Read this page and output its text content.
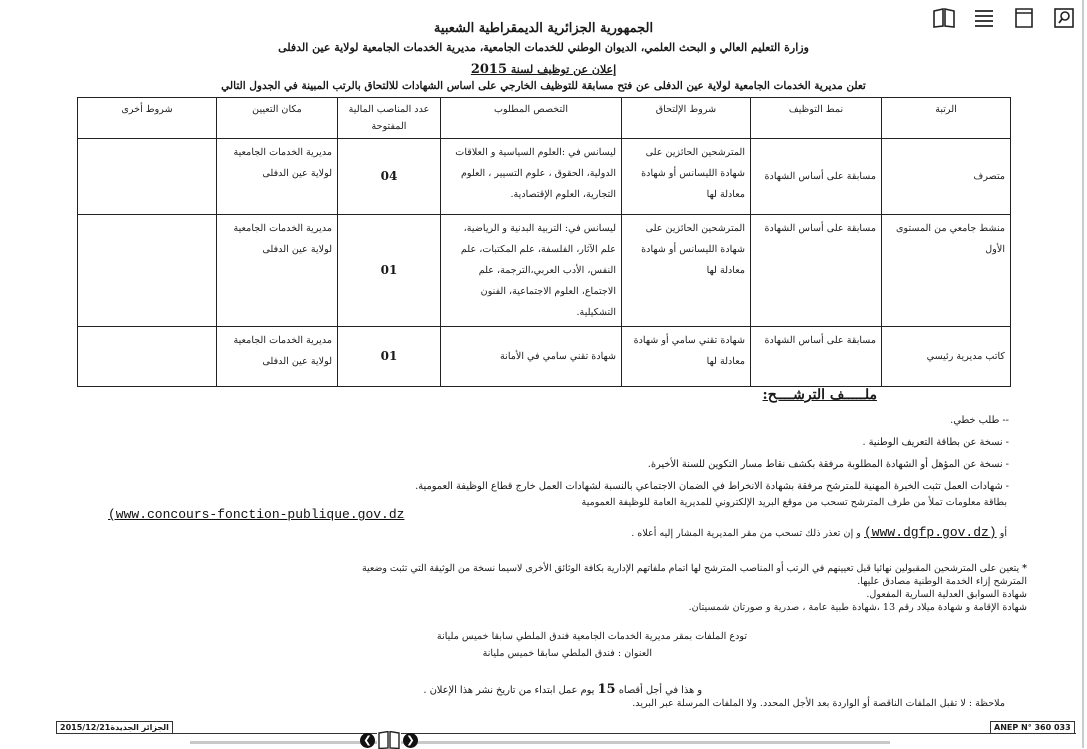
الجمهورية الجزائرية الديمقراطية الشعبية
وزارة التعليم العالي و البحث العلمي، الديوان الوطني للخدمات الجامعية، مديرية الخدمات الجامعية لولاية عين الدفلى
إعلان عن توظيف لسنة 2015
تعلن مديرية الخدمات الجامعية لولاية عين الدفلى عن فتح مسابقة للتوظيف الخارجي على اساس الشهادات للالتحاق بالرتب المبينة في الجدول التالي
الرتبة	نمط التوظيف	شروط الإلتحاق	التخصص المطلوب	عدد المناصب المالية المفتوحة	مكان التعيين	شروط أخرى
متصرف	مسابقة على أساس الشهادة	المترشحين الحائزين على شهادة الليسانس أو شهادة معادلة لها	ليسانس في :العلوم السياسية و العلاقات الدولية، الحقوق ، علوم التسيير ، العلوم التجارية، العلوم الإقتصادية.	04	مديرية الخدمات الجامعية لولاية عين الدفلى	
منشط جامعي من المستوى الأول	مسابقة على أساس الشهادة	المترشحين الحائزين على شهادة الليسانس أو شهادة معادلة لها	ليسانس في: التربية البدنية و الرياضية، علم الآثار، الفلسفة، علم المكتبات، علم النفس، الأدب العربي،الترجمة، علم الاجتماع، العلوم الاجتماعية، الفنون التشكيلية.	01	مديرية الخدمات الجامعية لولاية عين الدفلى	
كاتب مديرية رئيسي	مسابقة على أساس الشهادة	شهادة تقني سامي أو شهادة معادلة لها	شهادة تقني سامي في الأمانة	01	مديرية الخدمات الجامعية لولاية عين الدفلى	
ملـــــف الترشــــح:
-- طلب خطي.
- نسخة عن بطاقة التعريف الوطنية .
- نسخة عن المؤهل أو الشهادة المطلوبة مرفقة بكشف نقاط مسار التكوين للسنة الأخيرة.
- شهادات العمل تثبت الخبرة المهنية للمترشح مرفقة بشهادة الانخراط في الضمان الاجتماعي بالنسبة لشهادات العمل خارج قطاع الوظيفة العمومية.
بطاقة معلومات تملأ من طرف المترشح تسحب من موقع البريد الإلكتروني للمديرية العامة للوظيفة العمومية
(www.concours-fonction-publique.gov.dz
أو (www.dgfp.gov.dz) و إن تعذر ذلك تسحب من مقر المديرية المشار إليه أعلاه .
* يتعين على المترشحين المقبولين نهائيا قبل تعيينهم في الرتب أو المناصب المترشح لها اتمام ملفاتهم الإدارية بكافة الوثائق الأخرى لاسيما نسخة من الوثيقة التي تثبت وضعية
المترشح إزاء الخدمة الوطنية مصادق عليها.
شهادة السوابق العدلية السارية المفعول.
شهادة الإقامة و شهادة ميلاد رقم 13 ،شهادة طبية عامة ، صدرية و صورتان شمسيتان.
تودع الملفات بمقر مديرية الخدمات الجامعية فندق الملطي سابقا خميس مليانة
العنوان : فندق الملطي سابقا خميس مليانة
و هذا في أجل أقصاه 15 يوم عمل ابتداء من تاريخ نشر هذا الإعلان .
ملاحظة : لا تقبل الملفات الناقصة أو الواردة بعد الأجل المحدد. ولا الملفات المرسلة عبر البريد.
الجزائر الجديدة2015/12/21	ANEP N° 360 033
❮	❯
